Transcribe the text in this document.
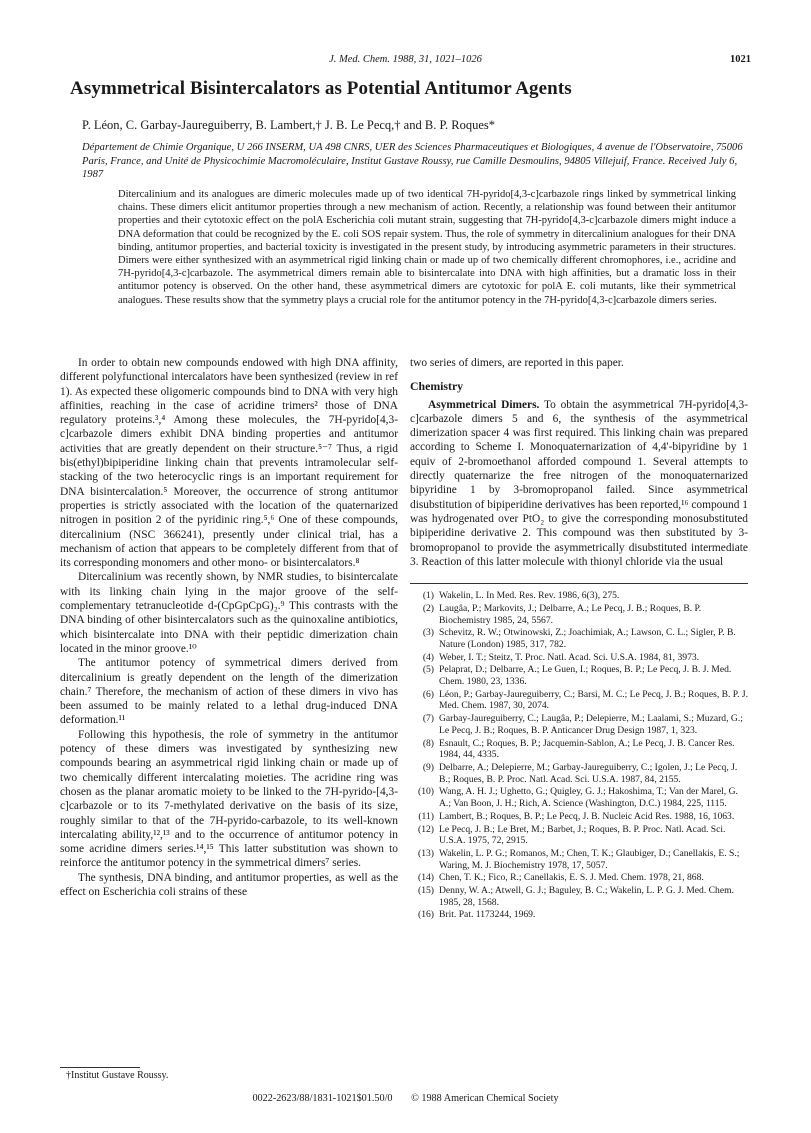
J. Med. Chem. 1988, 31, 1021–1026	1021
Asymmetrical Bisintercalators as Potential Antitumor Agents
P. Léon, C. Garbay-Jaureguiberry, B. Lambert,† J. B. Le Pecq,† and B. P. Roques*
Département de Chimie Organique, U 266 INSERM, UA 498 CNRS, UER des Sciences Pharmaceutiques et Biologiques, 4 avenue de l'Observatoire, 75006 Paris, France, and Unité de Physicochimie Macromoléculaire, Institut Gustave Roussy, rue Camille Desmoulins, 94805 Villejuif, France. Received July 6, 1987
Ditercalinium and its analogues are dimeric molecules made up of two identical 7H-pyrido[4,3-c]carbazole rings linked by symmetrical linking chains. These dimers elicit antitumor properties through a new mechanism of action. Recently, a relationship was found between their antitumor properties and their cytotoxic effect on the polA Escherichia coli mutant strain, suggesting that 7H-pyrido[4,3-c]carbazole dimers might induce a DNA deformation that could be recognized by the E. coli SOS repair system. Thus, the role of symmetry in ditercalinium analogues for their DNA binding, antitumor properties, and bacterial toxicity is investigated in the present study, by introducing asymmetric parameters in their structures. Dimers were either synthesized with an asymmetrical rigid linking chain or made up of two chemically different chromophores, i.e., acridine and 7H-pyrido[4,3-c]carbazole. The asymmetrical dimers remain able to bisintercalate into DNA with high affinities, but a dramatic loss in their antitumor potency is observed. On the other hand, these asymmetrical dimers are cytotoxic for polA E. coli mutants, like their symmetrical analogues. These results show that the symmetry plays a crucial role for the antitumor potency in the 7H-pyrido[4,3-c]carbazole dimers series.

In order to obtain new compounds endowed with high DNA affinity, different polyfunctional intercalators have been synthesized (review in ref 1). As expected these oligomeric compounds bind to DNA with very high affinities, reaching in the case of acridine trimers² those of DNA regulatory proteins.³,⁴ Among these molecules, the 7H-pyrido[4,3-c]carbazole dimers exhibit DNA binding properties and antitumor activities that are greatly dependent on their structure.⁵⁻⁷ Thus, a rigid bis(ethyl)bipiperidine linking chain that prevents intramolecular self-stacking of the two heterocyclic rings is an important requirement for DNA bisintercalation.⁵ Moreover, the occurrence of strong antitumor properties is strictly associated with the location of the quaternarized nitrogen in position 2 of the pyridinic ring.⁵,⁶ One of these compounds, ditercalinium (NSC 366241), presently under clinical trial, has a mechanism of action that appears to be completely different from that of its corresponding monomers and other mono- or bisintercalators.⁸

Ditercalinium was recently shown, by NMR studies, to bisintercalate with its linking chain lying in the major groove of the self-complementary tetranucleotide d-(CpGpCpG)₂.⁹ This contrasts with the DNA binding of other bisintercalators such as the quinoxaline antibiotics, which bisintercalate into DNA with their peptidic dimerization chain located in the minor groove.¹⁰

The antitumor potency of symmetrical dimers derived from ditercalinium is greatly dependent on the length of the dimerization chain.⁷ Therefore, the mechanism of action of these dimers in vivo has been assumed to be mainly related to a lethal drug-induced DNA deformation.¹¹

Following this hypothesis, the role of symmetry in the antitumor potency of these dimers was investigated by synthesizing new compounds bearing an asymmetrical rigid linking chain or made up of two chemically different intercalating moieties. The acridine ring was chosen as the planar aromatic moiety to be linked to the 7H-pyrido-[4,3-c]carbazole or to its 7-methylated derivative on the basis of its size, roughly similar to that of the 7H-pyrido-carbazole, to its well-known intercalating ability,¹²,¹³ and to the occurrence of antitumor potency in some acridine dimers series.¹⁴,¹⁵ This latter substitution was shown to reinforce the antitumor potency in the symmetrical dimers⁷ series.

The synthesis, DNA binding, and antitumor properties, as well as the effect on Escherichia coli strains of these

two series of dimers, are reported in this paper.

Chemistry

Asymmetrical Dimers. To obtain the asymmetrical 7H-pyrido[4,3-c]carbazole dimers 5 and 6, the synthesis of the asymmetrical dimerization spacer 4 was first required. This linking chain was prepared according to Scheme I. Monoquaternarization of 4,4'-bipyridine by 1 equiv of 2-bromoethanol afforded compound 1. Several attempts to directly quaternarize the free nitrogen of the monoquaternarized bipyridine 1 by 3-bromopropanol failed. Since asymmetrical disubstitution of bipiperidine derivatives has been reported,¹⁶ compound 1 was hydrogenated over PtO₂ to give the corresponding monosubstituted bipiperidine derivative 2. This compound was then substituted by 3-bromopropanol to provide the asymmetrically disubstituted intermediate 3. Reaction of this latter molecule with thionyl chloride via the usual

(1) Wakelin, L. In Med. Res. Rev. 1986, 6(3), 275.
(2) Laugâa, P.; Markovits, J.; Delbarre, A.; Le Pecq, J. B.; Roques, B. P. Biochemistry 1985, 24, 5567.
(3) Schevitz, R. W.; Otwinowski, Z.; Joachimiak, A.; Lawson, C. L.; Sigler, P. B. Nature (London) 1985, 317, 782.
(4) Weber, I. T.; Steitz, T. Proc. Natl. Acad. Sci. U.S.A. 1984, 81, 3973.
(5) Pelaprat, D.; Delbarre, A.; Le Guen, I.; Roques, B. P.; Le Pecq, J. B. J. Med. Chem. 1980, 23, 1336.
(6) Léon, P.; Garbay-Jaureguiberry, C.; Barsi, M. C.; Le Pecq, J. B.; Roques, B. P. J. Med. Chem. 1987, 30, 2074.
(7) Garbay-Jaureguiberry, C.; Laugâa, P.; Delepierre, M.; Laalami, S.; Muzard, G.; Le Pecq, J. B.; Roques, B. P. Anticancer Drug Design 1987, 1, 323.
(8) Esnault, C.; Roques, B. P.; Jacquemin-Sablon, A.; Le Pecq, J. B. Cancer Res. 1984, 44, 4335.
(9) Delbarre, A.; Delepierre, M.; Garbay-Jaureguiberry, C.; Igolen, J.; Le Pecq, J. B.; Roques, B. P. Proc. Natl. Acad. Sci. U.S.A. 1987, 84, 2155.
(10) Wang, A. H. J.; Ughetto, G.; Quigley, G. J.; Hakoshima, T.; Van der Marel, G. A.; Van Boon, J. H.; Rich, A. Science (Washington, D.C.) 1984, 225, 1115.
(11) Lambert, B.; Roques, B. P.; Le Pecq, J. B. Nucleic Acid Res. 1988, 16, 1063.
(12) Le Pecq, J. B.; Le Bret, M.; Barbet, J.; Roques, B. P. Proc. Natl. Acad. Sci. U.S.A. 1975, 72, 2915.
(13) Wakelin, L. P. G.; Romanos, M.; Chen, T. K.; Glaubiger, D.; Canellakis, E. S.; Waring, M. J. Biochemistry 1978, 17, 5057.
(14) Chen, T. K.; Fico, R.; Canellakis, E. S. J. Med. Chem. 1978, 21, 868.
(15) Denny, W. A.; Atwell, G. J.; Baguley, B. C.; Wakelin, L. P. G. J. Med. Chem. 1985, 28, 1568.
(16) Brit. Pat. 1173244, 1969.
†Institut Gustave Roussy.
0022-2623/88/1831-1021$01.50/0 © 1988 American Chemical Society
